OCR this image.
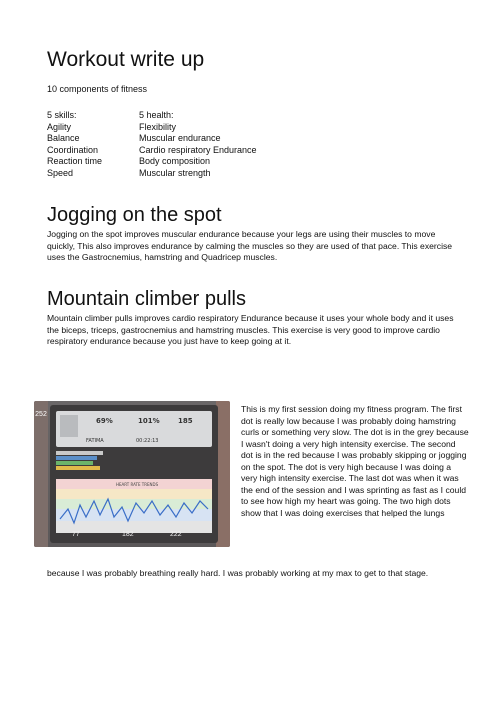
Workout write up
10 components of fitness
5 skills:	5 health:
Agility	Flexibility
Balance	Muscular endurance
Coordination	Cardio respiratory Endurance
Reaction time	Body composition
Speed	Muscular strength
Jogging on the spot

Jogging on the spot improves muscular endurance because your legs are using their muscles to move quickly, This also improves endurance by calming the muscles so they are used of that pace. This exercise uses the Gastrocnemius, hamstring and Quadricep muscles.

Mountain climber pulls

Mountain climber pulls improves cardio respiratory Endurance because it uses your whole body and it uses the biceps, triceps, gastrocnemius and hamstring muscles. This exercise is very good to improve cardio respiratory endurance because you just have to keep going at it.

252
69%	101%	185
FATIMA	00:22:13
HEART RATE TRENDS
77	182	222

This is my first session doing my fitness program. The first dot is really low because I was probably doing hamstring curls or something very slow. The dot is in the grey because I wasn't doing a very high intensity exercise. The second dot is in the red because I was probably skipping or jogging on the spot. The dot is very high because I was doing a very high intensity exercise. The last dot was when it was the end of the session and I was sprinting as fast as I could to see how high my heart was going. The two high dots show that I was doing exercises that helped the lungs

because I was probably breathing really hard. I was probably working at my max to get to that stage.
